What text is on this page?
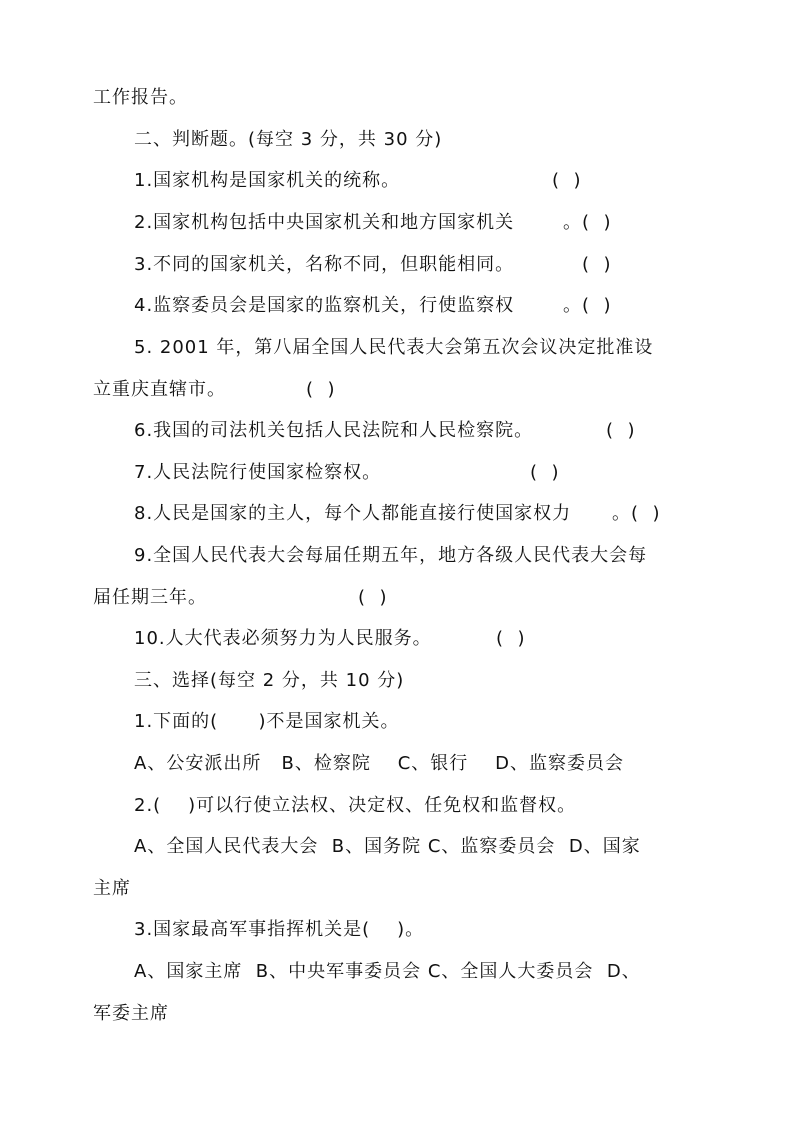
工作报告。
二、判断题。(每空 3 分，共 30 分)
1.国家机构是国家机关的统称。	(  )
2.国家机构包括中央国家机关和地方国家机关	。(  )
3.不同的国家机关，名称不同，但职能相同。	(  )
4.监察委员会是国家的监察机关，行使监察权	。(  )
5. 2001 年，第八届全国人民代表大会第五次会议决定批准设
立重庆直辖市。	(  )
6.我国的司法机关包括人民法院和人民检察院。	(  )
7.人民法院行使国家检察权。	(  )
8.人民是国家的主人，每个人都能直接行使国家权力 。(  )
9.全国人民代表大会每届任期五年，地方各级人民代表大会每
届任期三年。	(  )
10.人大代表必须努力为人民服务。	(  )
三、选择(每空 2 分，共 10 分)
1.下面的(      )不是国家机关。
A、公安派出所   B、检察院    C、银行    D、监察委员会
2.(    )可以行使立法权、决定权、任免权和监督权。
A、全国人民代表大会  B、国务院 C、监察委员会  D、国家
主席
3.国家最高军事指挥机关是(    )。
A、国家主席  B、中央军事委员会 C、全国人大委员会  D、
军委主席
